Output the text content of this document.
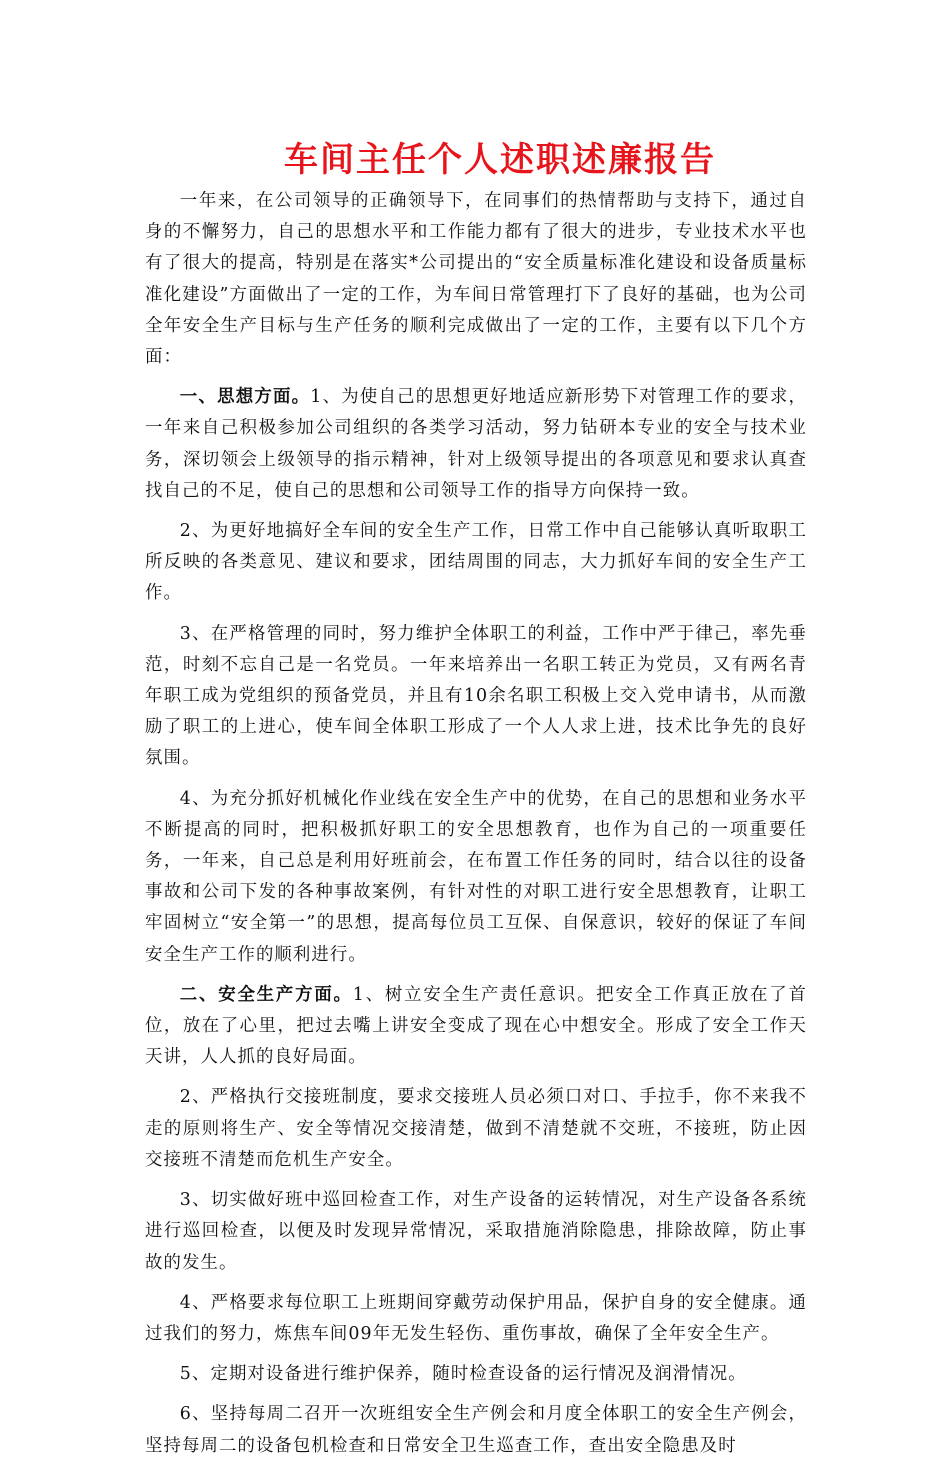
车间主任个人述职述廉报告

一年来，在公司领导的正确领导下，在同事们的热情帮助与支持下，通过自身的不懈努力，自己的思想水平和工作能力都有了很大的进步，专业技术水平也有了很大的提高，特别是在落实*公司提出的“安全质量标准化建设和设备质量标准化建设”方面做出了一定的工作，为车间日常管理打下了良好的基础，也为公司全年安全生产目标与生产任务的顺利完成做出了一定的工作，主要有以下几个方面：

一、思想方面。1、为使自己的思想更好地适应新形势下对管理工作的要求，一年来自己积极参加公司组织的各类学习活动，努力钻研本专业的安全与技术业务，深切领会上级领导的指示精神，针对上级领导提出的各项意见和要求认真查找自己的不足，使自己的思想和公司领导工作的指导方向保持一致。

2、为更好地搞好全车间的安全生产工作，日常工作中自己能够认真听取职工所反映的各类意见、建议和要求，团结周围的同志，大力抓好车间的安全生产工作。

3、在严格管理的同时，努力维护全体职工的利益，工作中严于律己，率先垂范，时刻不忘自己是一名党员。一年来培养出一名职工转正为党员，又有两名青年职工成为党组织的预备党员，并且有10余名职工积极上交入党申请书，从而激励了职工的上进心，使车间全体职工形成了一个人人求上进，技术比争先的良好氛围。

4、为充分抓好机械化作业线在安全生产中的优势，在自己的思想和业务水平不断提高的同时，把积极抓好职工的安全思想教育，也作为自己的一项重要任务，一年来，自己总是利用好班前会，在布置工作任务的同时，结合以往的设备事故和公司下发的各种事故案例，有针对性的对职工进行安全思想教育，让职工牢固树立“安全第一”的思想，提高每位员工互保、自保意识，较好的保证了车间安全生产工作的顺利进行。

二、安全生产方面。1、树立安全生产责任意识。把安全工作真正放在了首位，放在了心里，把过去嘴上讲安全变成了现在心中想安全。形成了安全工作天天讲，人人抓的良好局面。

2、严格执行交接班制度，要求交接班人员必须口对口、手拉手，你不来我不走的原则将生产、安全等情况交接清楚，做到不清楚就不交班，不接班，防止因交接班不清楚而危机生产安全。

3、切实做好班中巡回检查工作，对生产设备的运转情况，对生产设备各系统进行巡回检查，以便及时发现异常情况，采取措施消除隐患，排除故障，防止事故的发生。

4、严格要求每位职工上班期间穿戴劳动保护用品，保护自身的安全健康。通过我们的努力，炼焦车间09年无发生轻伤、重伤事故，确保了全年安全生产。

5、定期对设备进行维护保养，随时检查设备的运行情况及润滑情况。

6、坚持每周二召开一次班组安全生产例会和月度全体职工的安全生产例会，坚持每周二的设备包机检查和日常安全卫生巡查工作，查出安全隐患及时
